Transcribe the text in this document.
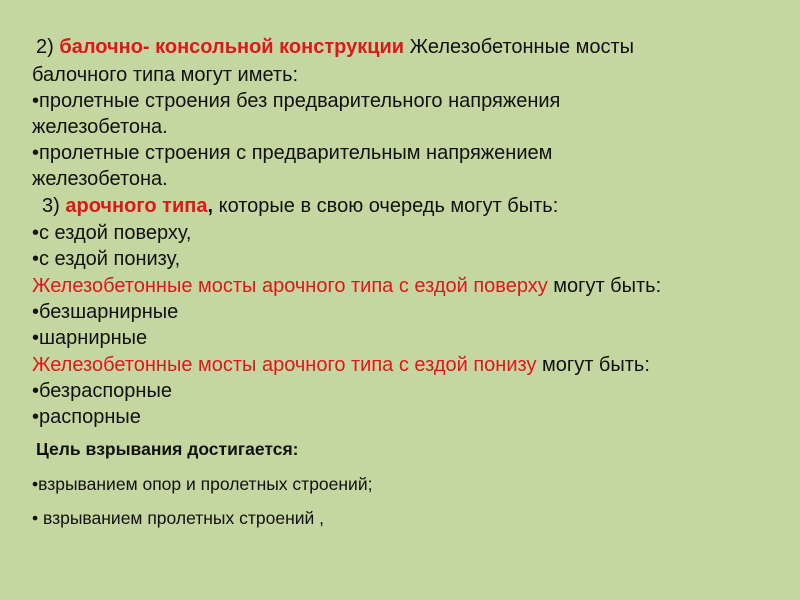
2) балочно- консольной конструкции Железобетонные мосты
балочного типа могут иметь:
•пролетные строения без предварительного напряжения
железобетона.
•пролетные строения с предварительным напряжением
железобетона.
3) арочного типа, которые в свою очередь могут быть:
•с ездой поверху,
•с ездой понизу,
Железобетонные мосты арочного типа с ездой поверху могут быть:
•безшарнирные
•шарнирные
Железобетонные мосты арочного типа с ездой понизу могут быть:
•безраспорные
•распорные
Цель взрывания достигается:
•взрыванием опор и пролетных строений;
• взрыванием пролетных строений ,
